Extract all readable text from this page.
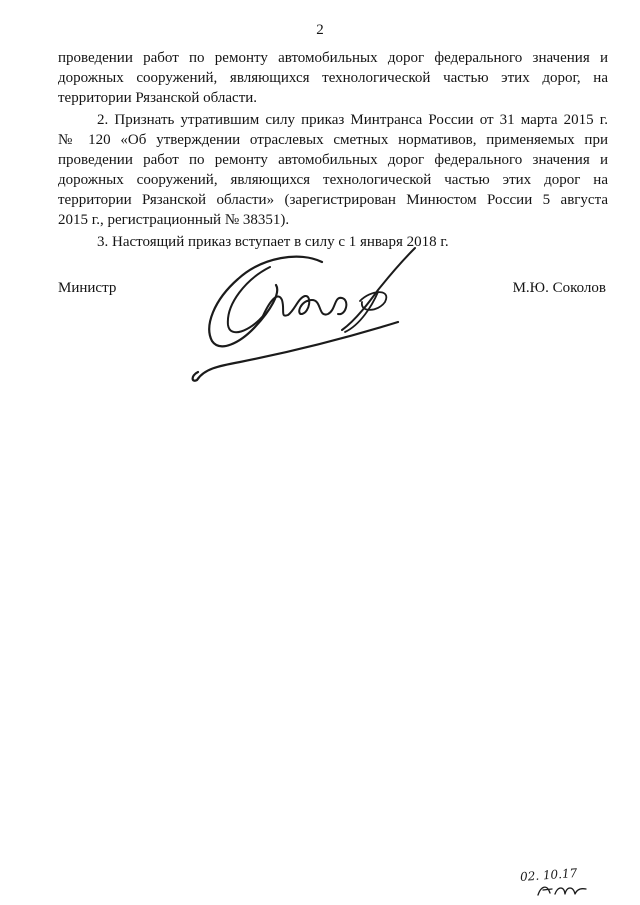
2
проведении работ по ремонту автомобильных дорог федерального значения и
дорожных сооружений, являющихся технологической частью этих дорог, на
территории Рязанской области.
2. Признать утратившим силу приказ Минтранса России от 31 марта 2015 г.
№ 120 «Об утверждении отраслевых сметных нормативов, применяемых при
проведении работ по ремонту автомобильных дорог федерального значения и
дорожных сооружений, являющихся технологической частью этих дорог на
территории Рязанской области» (зарегистрирован Минюстом России 5 августа
2015 г., регистрационный № 38351).
3. Настоящий приказ вступает в силу с 1 января 2018 г.
Министр	М.Ю. Соколов
02. 10.17
